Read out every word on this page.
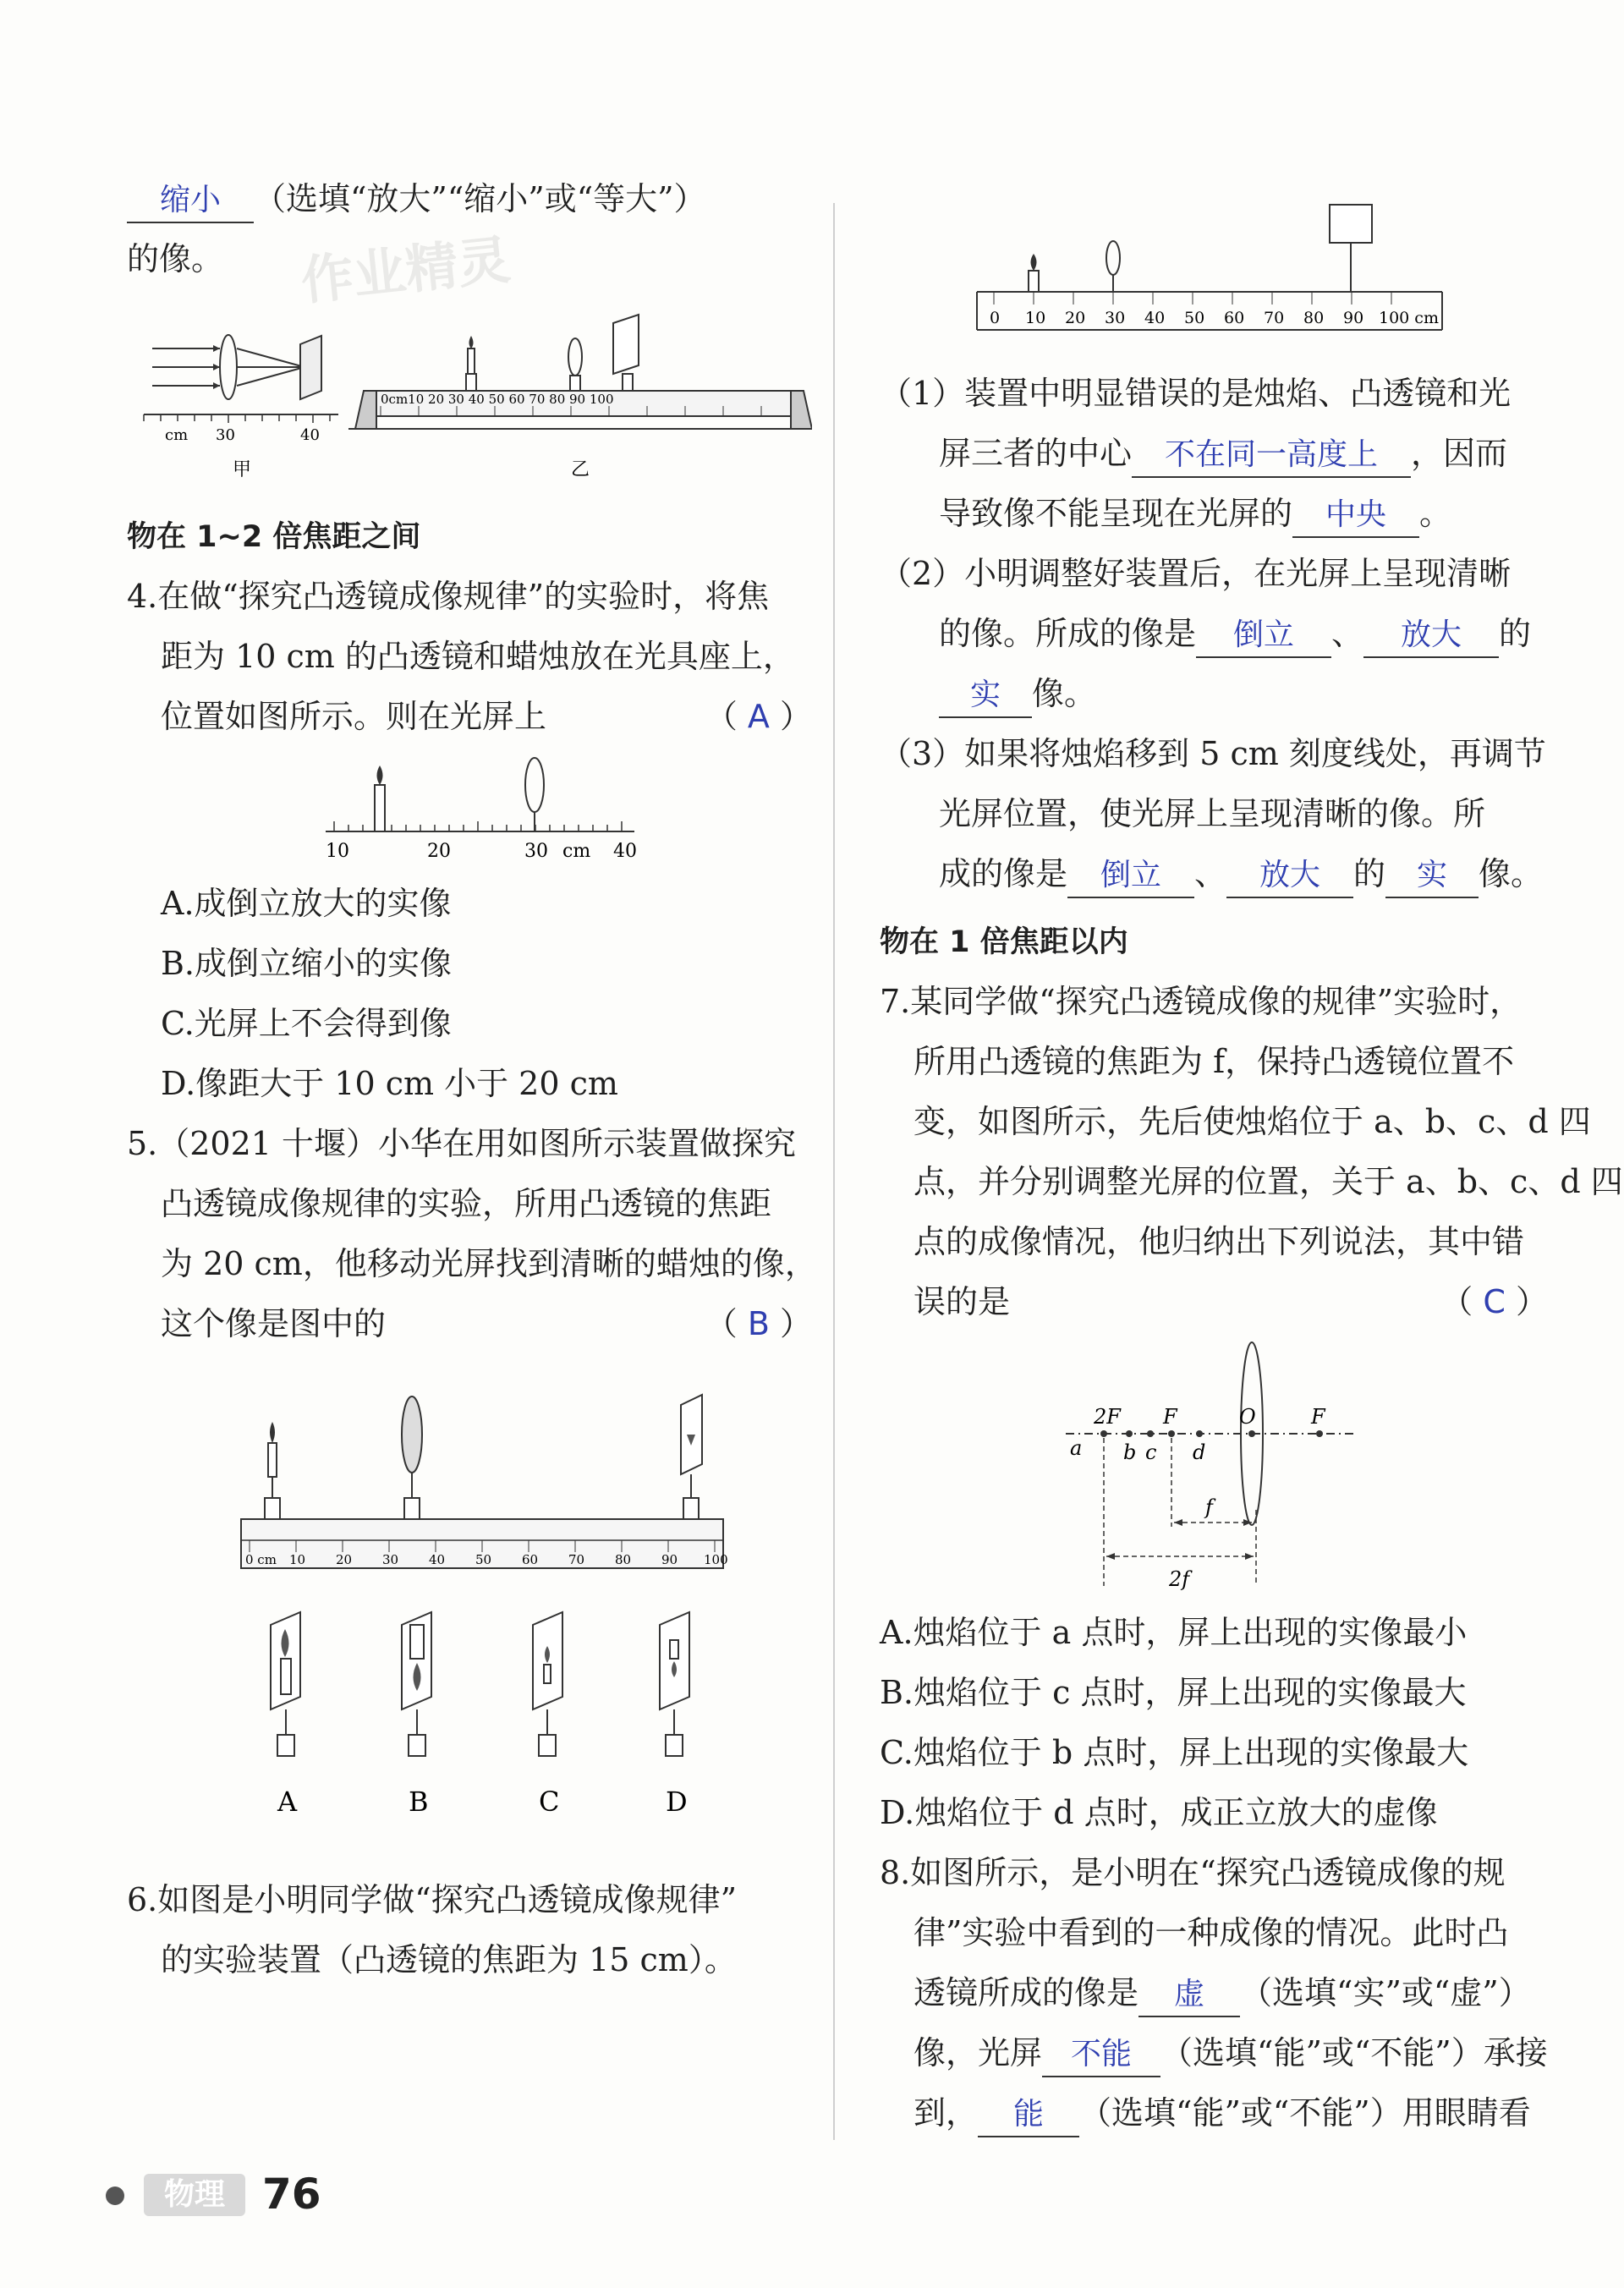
缩小 （选填“放大”“缩小”或“等大”）
的像。
cm 30	40
甲
0cm10 20 30 40 50 60 70 80 90 100
乙
物在 1~2 倍焦距之间
4.在做“探究凸透镜成像规律”的实验时，将焦
距为 10 cm 的凸透镜和蜡烛放在光具座上，
位置如图所示。则在光屏上	（ A ）
10	20	30 cm 40
A.成倒立放大的实像
B.成倒立缩小的实像
C.光屏上不会得到像
D.像距大于 10 cm 小于 20 cm
5.（2021 十堰）小华在用如图所示装置做探究
凸透镜成像规律的实验，所用凸透镜的焦距
为 20 cm，他移动光屏找到清晰的蜡烛的像，
这个像是图中的	（ B ）
0 cm 10 20 30 40 50 60 70 80 90 100
A	B	C	D
6.如图是小明同学做“探究凸透镜成像规律”
的实验装置（凸透镜的焦距为 15 cm）。
0 10 20 30 40 50 60 70 80 90 100 cm
（1）装置中明显错误的是烛焰、凸透镜和光
屏三者的中心 不在同一高度上 ，因而
导致像不能呈现在光屏的 中央 。
（2）小明调整好装置后，在光屏上呈现清晰
的像。所成的像是 倒立 、 放大 的
实 像。
（3）如果将烛焰移到 5 cm 刻度线处，再调节
光屏位置，使光屏上呈现清晰的像。所
成的像是 倒立 、 放大 的 实 像。
物在 1 倍焦距以内
7.某同学做“探究凸透镜成像的规律”实验时，
所用凸透镜的焦距为 f，保持凸透镜位置不
变，如图所示，先后使烛焰位于 a、b、c、d 四
点，并分别调整光屏的位置，关于 a、b、c、d 四
点的成像情况，他归纳出下列说法，其中错
误的是	（ C ）
2F F	O	F
a b c d
f
2f
A.烛焰位于 a 点时，屏上出现的实像最小
B.烛焰位于 c 点时，屏上出现的实像最大
C.烛焰位于 b 点时，屏上出现的实像最大
D.烛焰位于 d 点时，成正立放大的虚像
8.如图所示，是小明在“探究凸透镜成像的规
律”实验中看到的一种成像的情况。此时凸
透镜所成的像是 虚 （选填“实”或“虚”）
像，光屏 不能 （选填“能”或“不能”）承接
到， 能 （选填“能”或“不能”）用眼睛看
作业精灵
物理 76
